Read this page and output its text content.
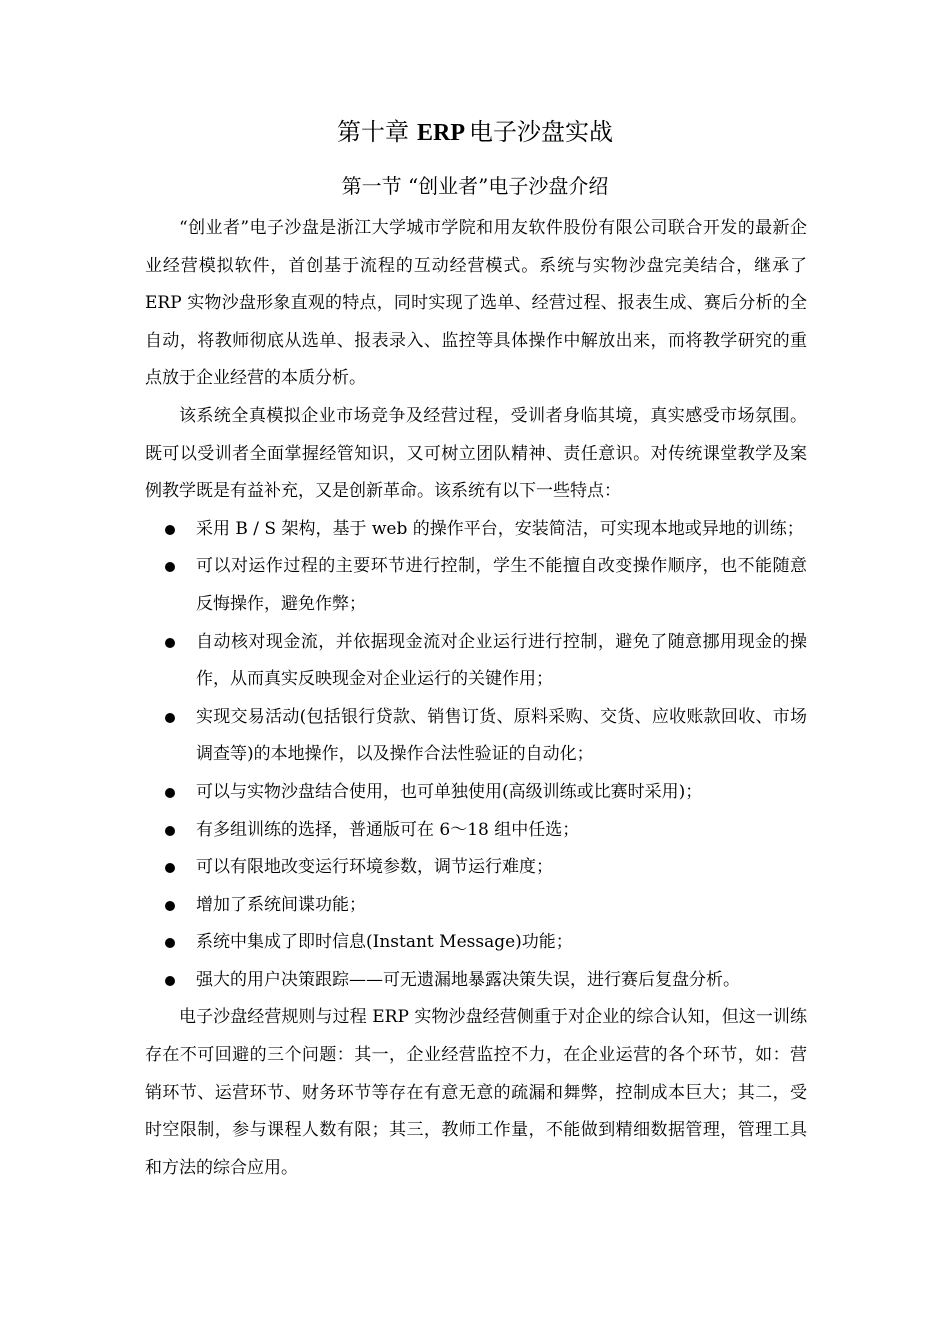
第十章 ERP 电子沙盘实战
第一节 “创业者”电子沙盘介绍

“创业者”电子沙盘是浙江大学城市学院和用友软件股份有限公司联合开发的最新企业经营模拟软件，首创基于流程的互动经营模式。系统与实物沙盘完美结合，继承了 ERP 实物沙盘形象直观的特点，同时实现了选单、经营过程、报表生成、赛后分析的全自动，将教师彻底从选单、报表录入、监控等具体操作中解放出来，而将教学研究的重点放于企业经营的本质分析。

该系统全真模拟企业市场竞争及经营过程，受训者身临其境，真实感受市场氛围。既可以受训者全面掌握经管知识，又可树立团队精神、责任意识。对传统课堂教学及案例教学既是有益补充，又是创新革命。该系统有以下一些特点：

采用 B / S 架构，基于 web 的操作平台，安装简洁，可实现本地或异地的训练；
可以对运作过程的主要环节进行控制，学生不能擅自改变操作顺序，也不能随意反悔操作，避免作弊；
自动核对现金流，并依据现金流对企业运行进行控制，避免了随意挪用现金的操作，从而真实反映现金对企业运行的关键作用；
实现交易活动(包括银行贷款、销售订货、原料采购、交货、应收账款回收、市场调查等)的本地操作，以及操作合法性验证的自动化；
可以与实物沙盘结合使用，也可单独使用(高级训练或比赛时采用)；
有多组训练的选择，普通版可在 6～18 组中任选；
可以有限地改变运行环境参数，调节运行难度；
增加了系统间谍功能；
系统中集成了即时信息(Instant Message)功能；
强大的用户决策跟踪——可无遗漏地暴露决策失误，进行赛后复盘分析。

电子沙盘经营规则与过程 ERP 实物沙盘经营侧重于对企业的综合认知，但这一训练存在不可回避的三个问题：其一，企业经营监控不力，在企业运营的各个环节，如：营销环节、运营环节、财务环节等存在有意无意的疏漏和舞弊，控制成本巨大；其二，受时空限制，参与课程人数有限；其三，教师工作量，不能做到精细数据管理，管理工具和方法的综合应用。
